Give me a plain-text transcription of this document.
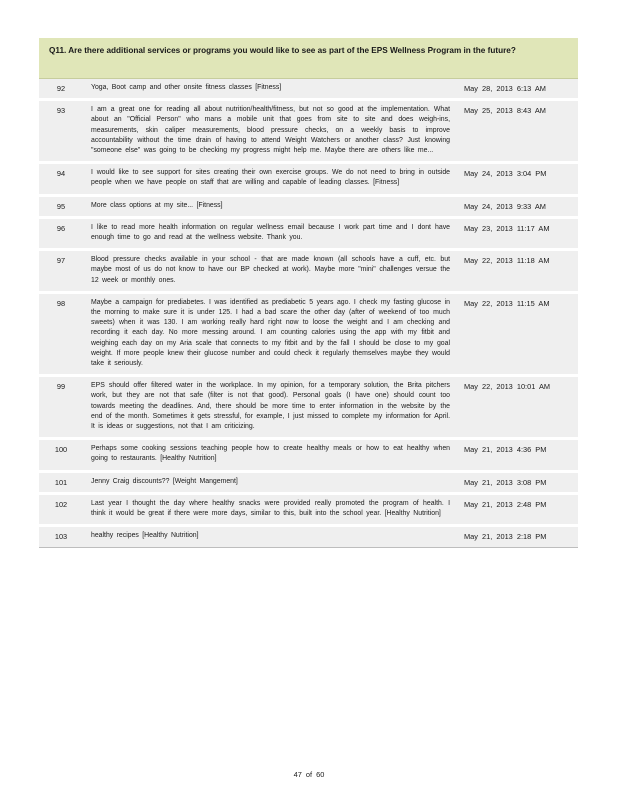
Q11. Are there additional services or programs you would like to see as part of the EPS Wellness Program in the future?
92	Yoga, Boot camp and other onsite fitness classes [Fitness]	May 28, 2013 6:13 AM
93	I am a great one for reading all about nutrition/health/fitness, but not so good at the implementation. What about an "Official Person" who mans a mobile unit that goes from site to site and does weigh-ins, measurements, skin caliper measurements, blood pressure checks, on a weekly basis to improve accountability without the time drain of having to attend Weight Watchers or another class? Just knowing "someone else" was going to be checking my progress might help me. Maybe there are others like me...	May 25, 2013 8:43 AM
94	I would like to see support for sites creating their own exercise groups. We do not need to bring in outside people when we have people on staff that are willing and capable of leading classes. [Fitness]	May 24, 2013 3:04 PM
95	More class options at my site... [Fitness]	May 24, 2013 9:33 AM
96	I like to read more health information on regular wellness email because I work part time and I dont have enough time to go and read at the wellness website. Thank you.	May 23, 2013 11:17 AM
97	Blood pressure checks available in your school - that are made known (all schools have a cuff, etc. but maybe most of us do not know to have our BP checked at work). Maybe more "mini" challenges versue the 12 week or monthly ones.	May 22, 2013 11:18 AM
98	Maybe a campaign for prediabetes. I was identified as prediabetic 5 years ago. I check my fasting glucose in the morning to make sure it is under 125. I had a bad scare the other day (after of weekend of too much sweets) when it was 130. I am working really hard right now to loose the weight and I am checking and recording it each day. No more messing around. I am counting calories using the app with my fitbit and weighing each day on my Aria scale that connects to my fitbit and by the fall I should be close to my goal weight. If more people knew their glucose number and could check it regularly themselves maybe they would take it seriously.	May 22, 2013 11:15 AM
99	EPS should offer filtered water in the workplace. In my opinion, for a temporary solution, the Brita pitchers work, but they are not that safe (filter is not that good). Personal goals (I have one) should count too towards meeting the deadlines. And, there should be more time to enter information in the website by the end of the month. Sometimes it gets stressful, for example, I just missed to complete my information for April. It is ideas or suggestions, not that I am criticizing.	May 22, 2013 10:01 AM
100	Perhaps some cooking sessions teaching people how to create healthy meals or how to eat healthy when going to restaurants. [Healthy Nutrition]	May 21, 2013 4:36 PM
101	Jenny Craig discounts?? [Weight Mangement]	May 21, 2013 3:08 PM
102	Last year I thought the day where healthy snacks were provided really promoted the program of health. I think it would be great if there were more days, similar to this, built into the school year. [Healthy Nutrition]	May 21, 2013 2:48 PM
103	healthy recipes [Healthy Nutrition]	May 21, 2013 2:18 PM
47 of 60
